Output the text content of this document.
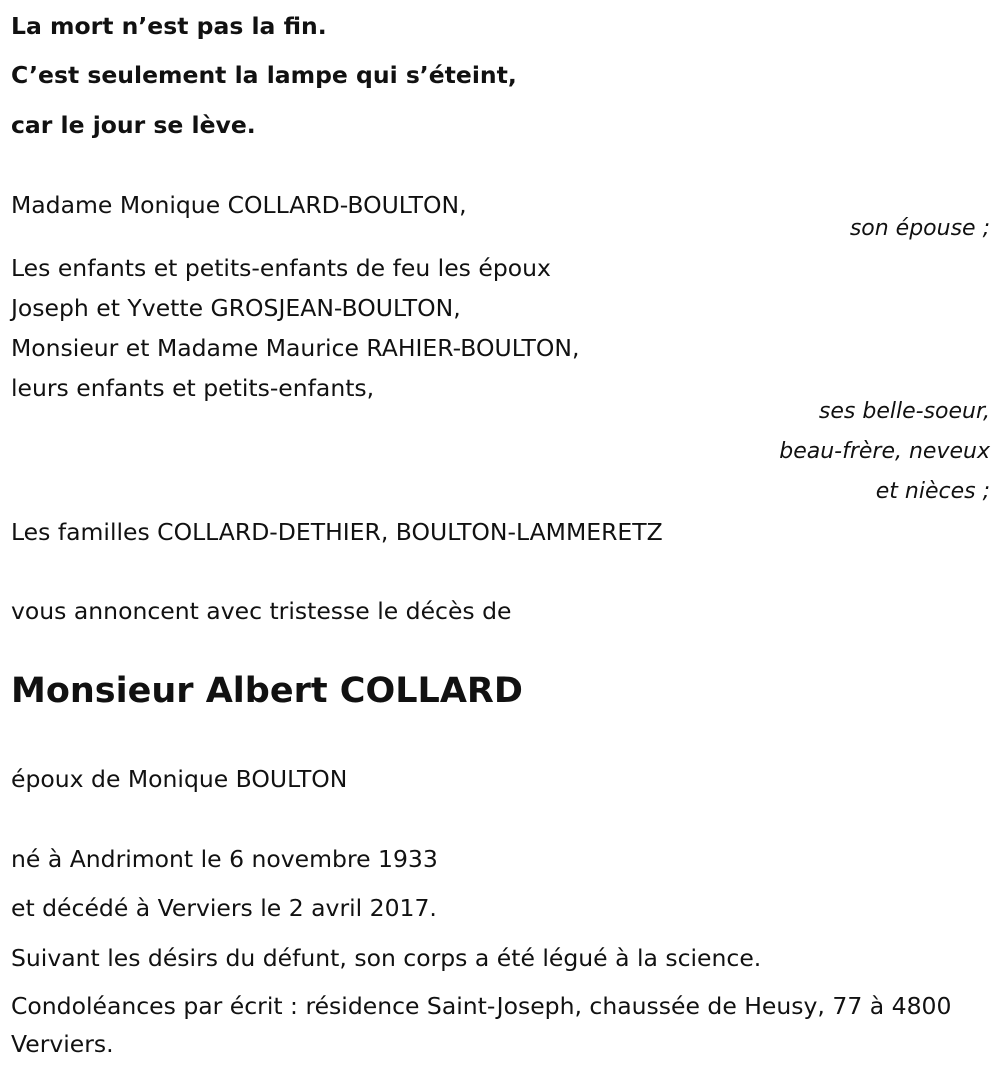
La mort n’est pas la fin.
C’est seulement la lampe qui s’éteint,
car le jour se lève.
Madame Monique COLLARD-BOULTON,
son épouse ;
Les enfants et petits-enfants de feu les époux
Joseph et Yvette GROSJEAN-BOULTON,
Monsieur et Madame Maurice RAHIER-BOULTON,
leurs enfants et petits-enfants,
ses belle-soeur,
beau-frère, neveux
et nièces ;
Les familles COLLARD-DETHIER, BOULTON-LAMMERETZ
vous annoncent avec tristesse le décès de
Monsieur Albert COLLARD
époux de Monique BOULTON
né à Andrimont le 6 novembre 1933
et décédé à Verviers le 2 avril 2017.
Suivant les désirs du défunt, son corps a été légué à la science.
Condoléances par écrit : résidence Saint-Joseph, chaussée de Heusy, 77 à 4800 Verviers.
